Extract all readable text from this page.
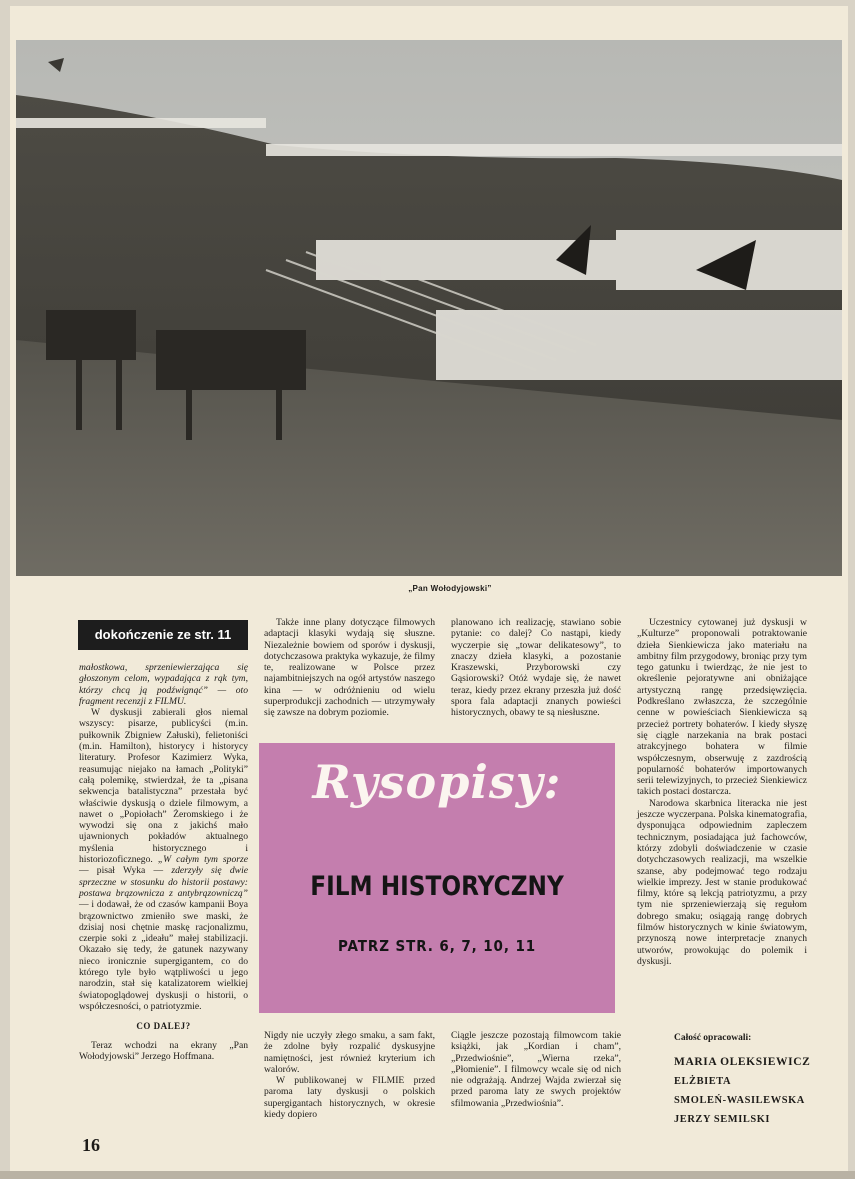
„Pan Wołodyjowski”
dokończenie ze str. 11

małostkowa, sprzeniewierzająca się głoszonym celom, wypadająca z rąk tym, którzy chcą ją podźwignąć” — oto fragment recenzji z FILMU.

W dyskusji zabierali głos niemal wszyscy: pisarze, publicyści (m.in. pułkownik Zbigniew Załuski), felietoniści (m.in. Hamilton), historycy i historycy literatury. Profesor Kazimierz Wyka, reasumując niejako na łamach „Polityki” całą polemikę, stwierdzał, że ta „pisana sekwencja batalistyczna” przestała być właściwie dyskusją o dziele filmowym, a nawet o „Popiołach” Żeromskiego i że wywodzi się ona z jakichś mało ujawnionych pokładów aktualnego myślenia historycznego i historiozoficznego. „W całym tym sporze — pisał Wyka — zderzyły się dwie sprzeczne w stosunku do historii postawy: postawa brązownicza z antybrązowniczą” — i dodawał, że od czasów kampanii Boya brązownictwo zmieniło swe maski, że dzisiaj nosi chętnie maskę racjonalizmu, czerpie soki z „ideału” małej stabilizacji. Okazało się tedy, że gatunek nazywany nieco ironicznie supergigantem, co do którego tyle było wątpliwości u jego narodzin, stał się katalizatorem wielkiej światopoglądowej dyskusji o historii, o współczesności, o patriotyzmie.

CO DALEJ?

Teraz wchodzi na ekrany „Pan Wołodyjowski” Jerzego Hoffmana.

Także inne plany dotyczące filmowych adaptacji klasyki wydają się słuszne. Niezależnie bowiem od sporów i dyskusji, dotychczasowa praktyka wykazuje, że filmy te, realizowane w Polsce przez najambitniejszych na ogół artystów naszego kina — w odróżnieniu od wielu superprodukcji zachodnich — utrzymywały się zawsze na dobrym poziomie.

Nigdy nie uczyły złego smaku, a sam fakt, że zdolne były rozpalić dyskusyjne namiętności, jest również kryterium ich walorów.

W publikowanej w FILMIE przed paroma laty dyskusji o polskich supergigantach historycznych, w okresie kiedy dopiero

planowano ich realizację, stawiano sobie pytanie: co dalej? Co nastąpi, kiedy wyczerpie się „towar delikatesowy”, to znaczy dzieła klasyki, a pozostanie Kraszewski, Przyborowski czy Gąsiorowski? Otóż wydaje się, że nawet teraz, kiedy przez ekrany przeszła już dość spora fala adaptacji znanych powieści historycznych, obawy te są niesłuszne.

Ciągle jeszcze pozostają filmowcom takie książki, jak „Kordian i cham”, „Przedwiośnie”, „Wierna rzeka”, „Płomienie”. I filmowcy wcale się od nich nie odgrażają. Andrzej Wajda zwierzał się przed paroma laty ze swych projektów sfilmowania „Przedwiośnia”.

Uczestnicy cytowanej już dyskusji w „Kulturze” proponowali potraktowanie dzieła Sienkiewicza jako materiału na ambitny film przygodowy, broniąc przy tym tego gatunku i twierdząc, że nie jest to określenie pejoratywne ani obniżające artystyczną rangę przedsięwzięcia. Podkreślano zwłaszcza, że szczególnie cenne w powieściach Sienkiewicza są przecież portrety bohaterów. I kiedy słyszę się ciągle narzekania na brak postaci atrakcyjnego bohatera w filmie współczesnym, obserwuję z zazdrością popularność bohaterów importowanych serii telewizyjnych, to przecież Sienkiewicz takich postaci dostarcza.

Narodowa skarbnica literacka nie jest jeszcze wyczerpana. Polska kinematografia, dysponująca odpowiednim zapleczem technicznym, posiadająca już fachowców, którzy zdobyli doświadczenie w czasie dotychczasowych realizacji, ma wszelkie szanse, aby podejmować tego rodzaju wielkie imprezy. Jest w stanie produkować filmy, które są lekcją patriotyzmu, a przy tym nie sprzeniewierzają się regułom dobrego smaku; osiągają rangę dobrych filmów historycznych w kinie światowym, przynoszą nowe interpretacje znanych utworów, prowokując do polemik i dyskusji.

Rysopisy:
FILM HISTORYCZNY
PATRZ STR. 6, 7, 10, 11
Całość opracowali:
MARIA OLEKSIEWICZ
ELŻBIETA
SMOLEŃ-WASILEWSKA
JERZY SEMILSKI
16
